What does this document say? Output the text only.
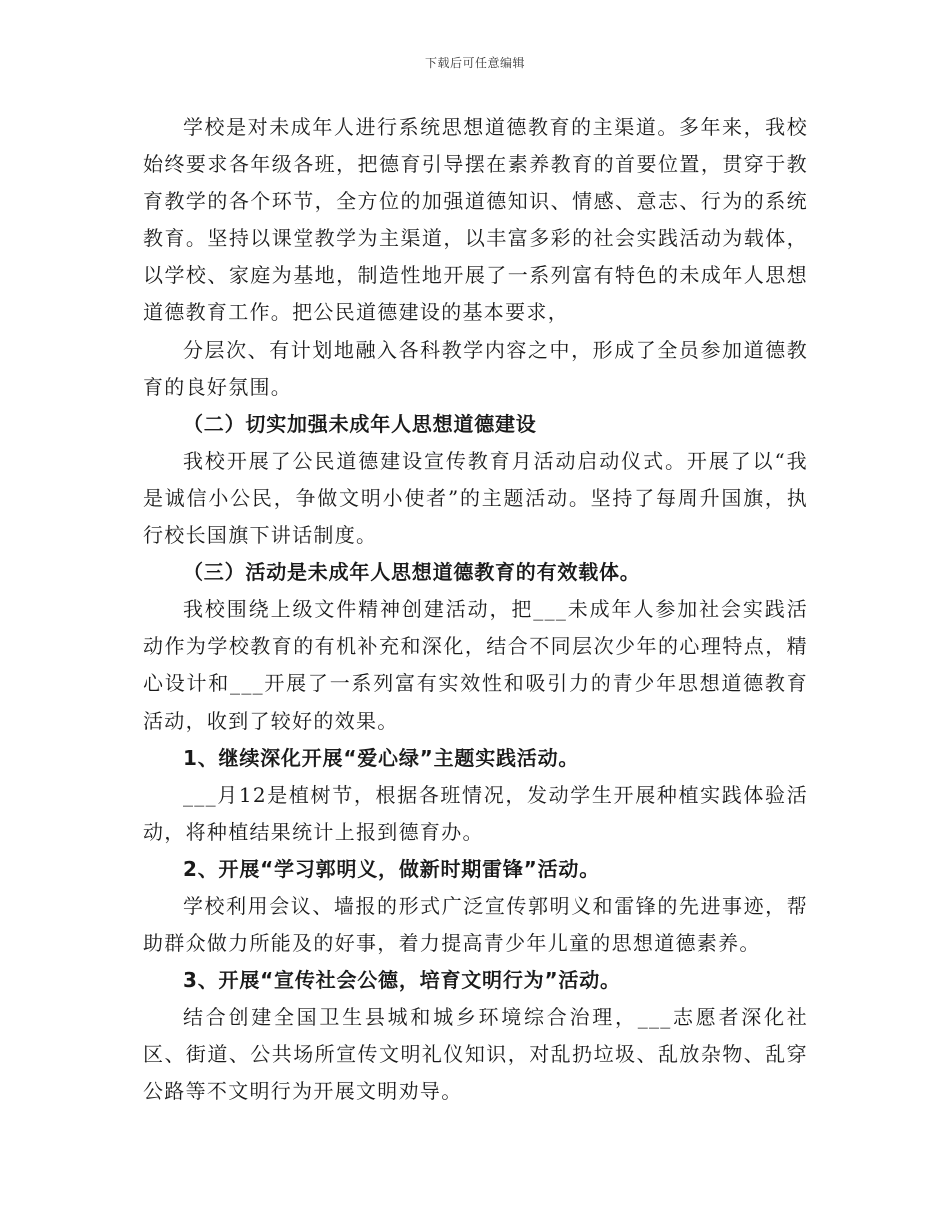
下载后可任意编辑

学校是对未成年人进行系统思想道德教育的主渠道。多年来，我校始终要求各年级各班，把德育引导摆在素养教育的首要位置，贯穿于教育教学的各个环节，全方位的加强道德知识、情感、意志、行为的系统教育。坚持以课堂教学为主渠道，以丰富多彩的社会实践活动为载体，以学校、家庭为基地，制造性地开展了一系列富有特色的未成年人思想道德教育工作。把公民道德建设的基本要求，

分层次、有计划地融入各科教学内容之中，形成了全员参加道德教育的良好氛围。

（二）切实加强未成年人思想道德建设

我校开展了公民道德建设宣传教育月活动启动仪式。开展了以“我是诚信小公民，争做文明小使者”的主题活动。坚持了每周升国旗，执行校长国旗下讲话制度。

（三）活动是未成年人思想道德教育的有效载体。

我校围绕上级文件精神创建活动，把___未成年人参加社会实践活动作为学校教育的有机补充和深化，结合不同层次少年的心理特点，精心设计和___开展了一系列富有实效性和吸引力的青少年思想道德教育活动，收到了较好的效果。

1、继续深化开展“爱心绿”主题实践活动。

___月12是植树节，根据各班情况，发动学生开展种植实践体验活动，将种植结果统计上报到德育办。

2、开展“学习郭明义，做新时期雷锋”活动。

学校利用会议、墙报的形式广泛宣传郭明义和雷锋的先进事迹，帮助群众做力所能及的好事，着力提高青少年儿童的思想道德素养。

3、开展“宣传社会公德，培育文明行为”活动。

结合创建全国卫生县城和城乡环境综合治理，___志愿者深化社区、街道、公共场所宣传文明礼仪知识，对乱扔垃圾、乱放杂物、乱穿公路等不文明行为开展文明劝导。
